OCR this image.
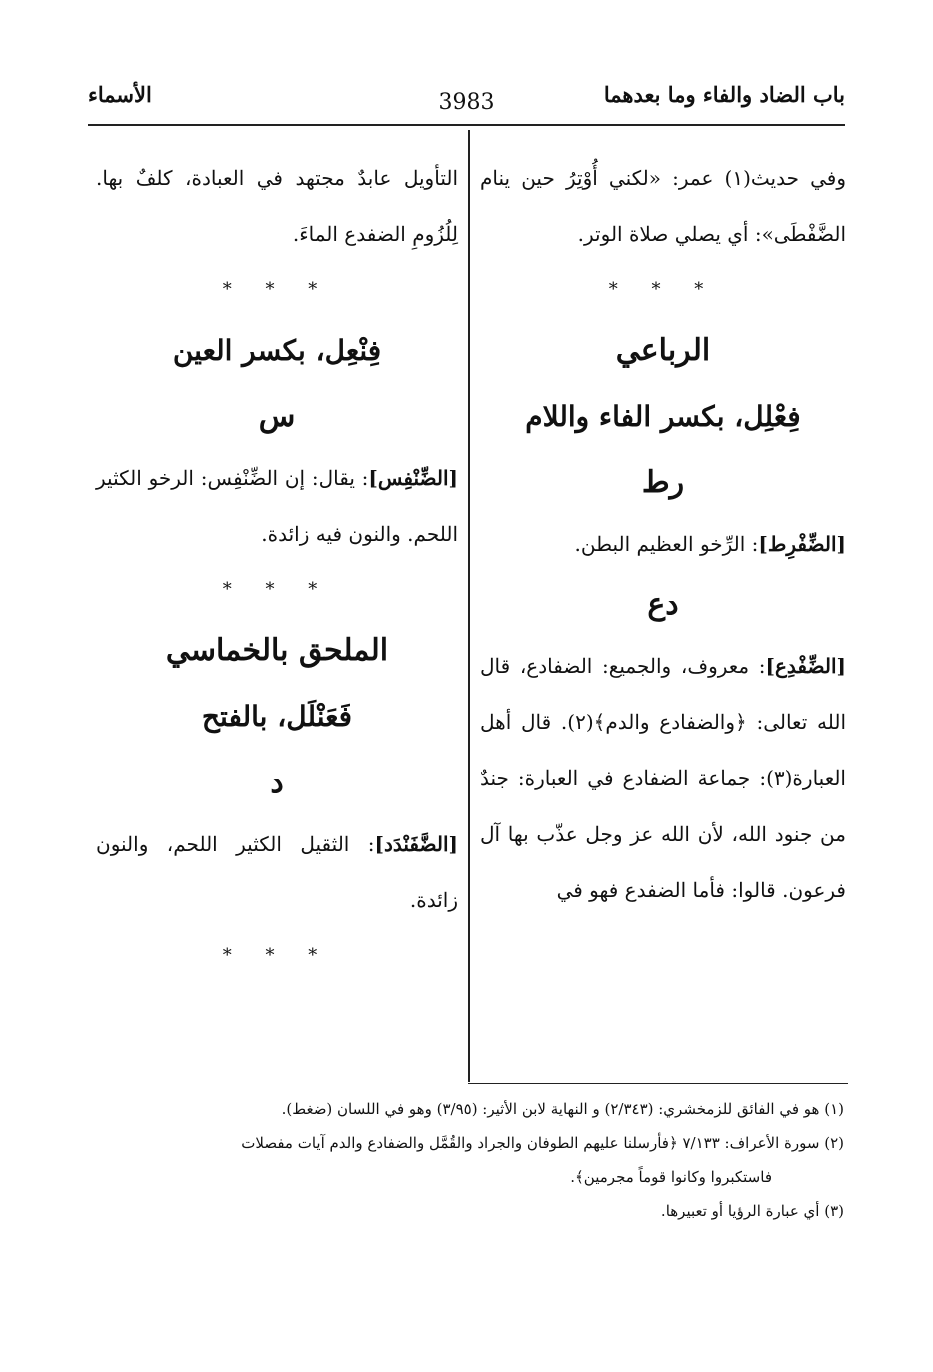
باب الضاد والفاء وما بعدهما
3983
الأسماء

وفي حديث(١) عمر: «لكني أُوْتِرُ حين ينام الضَّفْطَى»: أي يصلي صلاة الوتر.

* * *
الرباعي
فِعْلِل، بكسر الفاء واللام
رط

[الضِّفْرِط]: الرِّخو العظيم البطن.

دع

[الضِّفْدِع]: معروف، والجميع: الضفادع، قال الله تعالى: ﴿والضفادع والدم﴾(٢). قال أهل العبارة(٣): جماعة الضفادع في العبارة: جندٌ من جنود الله، لأن الله عز وجل عذّب بها آل فرعون. قالوا: فأما الضفدع فهو في

التأويل عابدٌ مجتهد في العبادة، كلفٌ بها. لِلُزُومِ الضفدع الماءَ.

* * *
فِنْعِل، بكسر العين
س

[الضِّنْفِس]: يقال: إن الضِّنْفِس: الرخو الكثير اللحم. والنون فيه زائدة.

* * *
الملحق بالخماسي
فَعَنْلَل، بالفتح
د

[الضَّفَنْدَد]: الثقيل الكثير اللحم، والنون زائدة.

* * *

(١) هو في الفائق للزمخشري: (٢/٣٤٣) و النهاية لابن الأثير: (٣/٩٥) وهو في اللسان (ضغط).

(٢) سورة الأعراف: ٧/١٣٣ ﴿فأرسلنا عليهم الطوفان والجراد والقُمَّل والضفادع والدم آيات مفصلات

فاستكبروا وكانوا قوماً مجرمين﴾.

(٣) أي عبارة الرؤيا أو تعبيرها.
